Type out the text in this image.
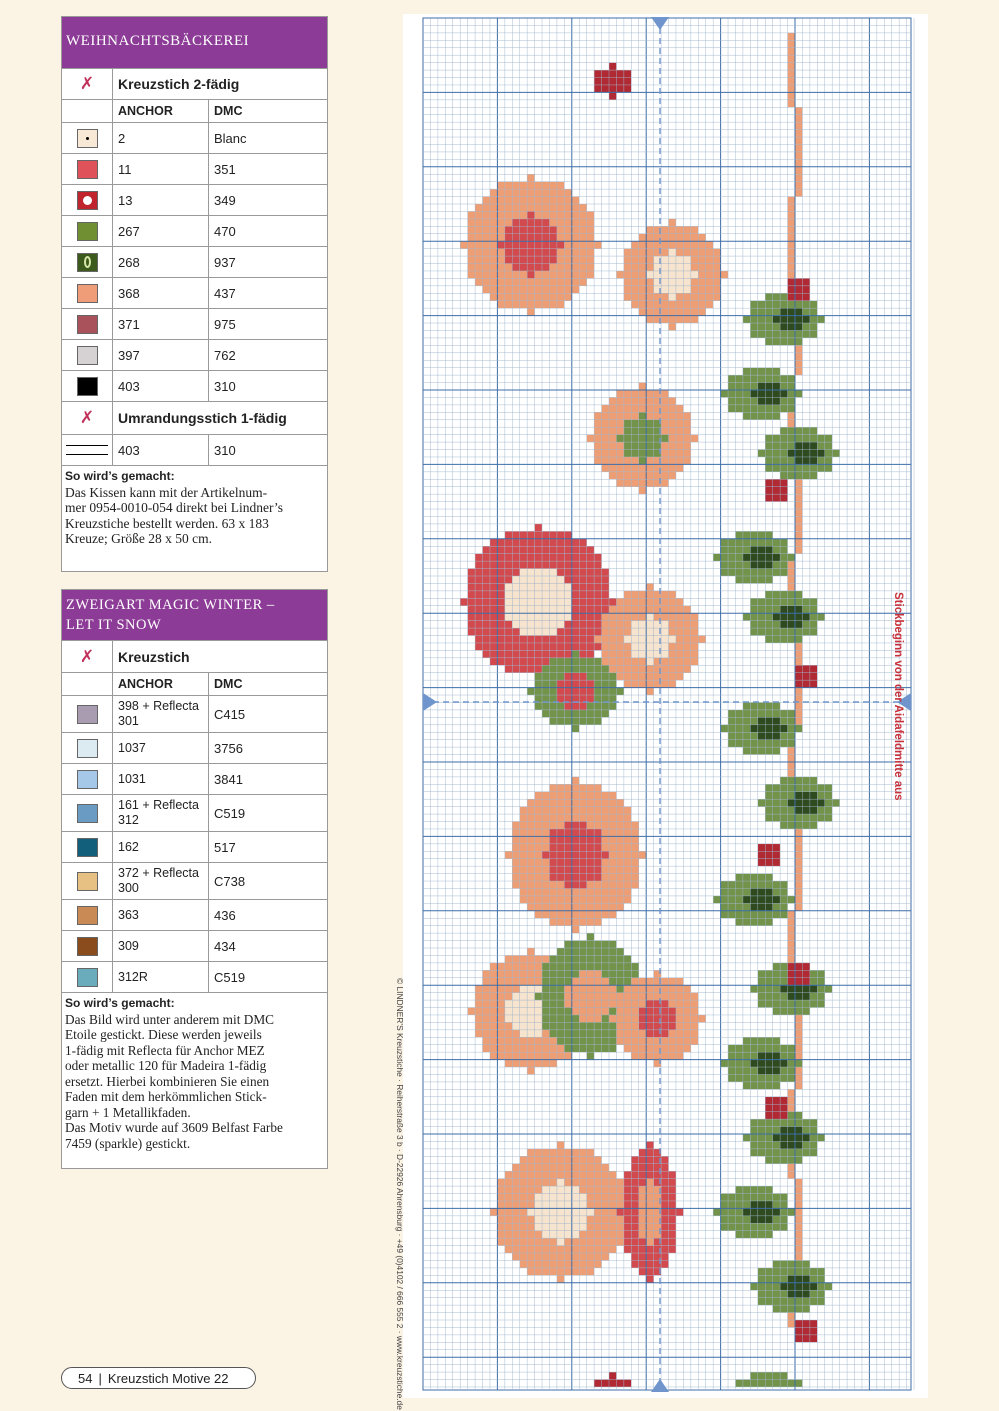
WEIHNACHTSBÄCKEREI
✗	Kreuzstich 2-fädig
ANCHOR	DMC
2	Blanc
11	351
13	349
267	470
268	937
368	437
371	975
397	762
403	310
✗	Umrandungsstich 1-fädig
403	310
So wird’s gemacht:
Das Kissen kann mit der Artikelnum-
mer 0954-0010-054 direkt bei Lindner’s
Kreuzstiche bestellt werden. 63 x 183
Kreuze; Größe 28 x 50 cm.
ZWEIGART MAGIC WINTER –
LET IT SNOW
✗	Kreuzstich
ANCHOR	DMC
398 + Reflecta 301	C415
1037	3756
1031	3841
161 + Reflecta 312	C519
162	517
372 + Reflecta 300	C738
363	436
309	434
312R	C519
So wird’s gemacht:
Das Bild wird unter anderem mit DMC
Etoile gestickt. Diese werden jeweils
1-fädig mit Reflecta für Anchor MEZ
oder metallic 120 für Madeira 1-fädig
ersetzt. Hierbei kombinieren Sie einen
Faden mit dem herkömmlichen Stick-
garn + 1 Metallikfaden.
Das Motiv wurde auf 3609 Belfast Farbe
7459 (sparkle) gestickt.
54 | Kreuzstich Motive 22
Stickbeginn von der Aidafeldmitte aus
© LINDNER’S Kreuzstiche · Reiherstraße 3 b · D-22926 Ahrensburg · +49 (0)4102 / 666 555 2 · www.kreuzstiche.de
